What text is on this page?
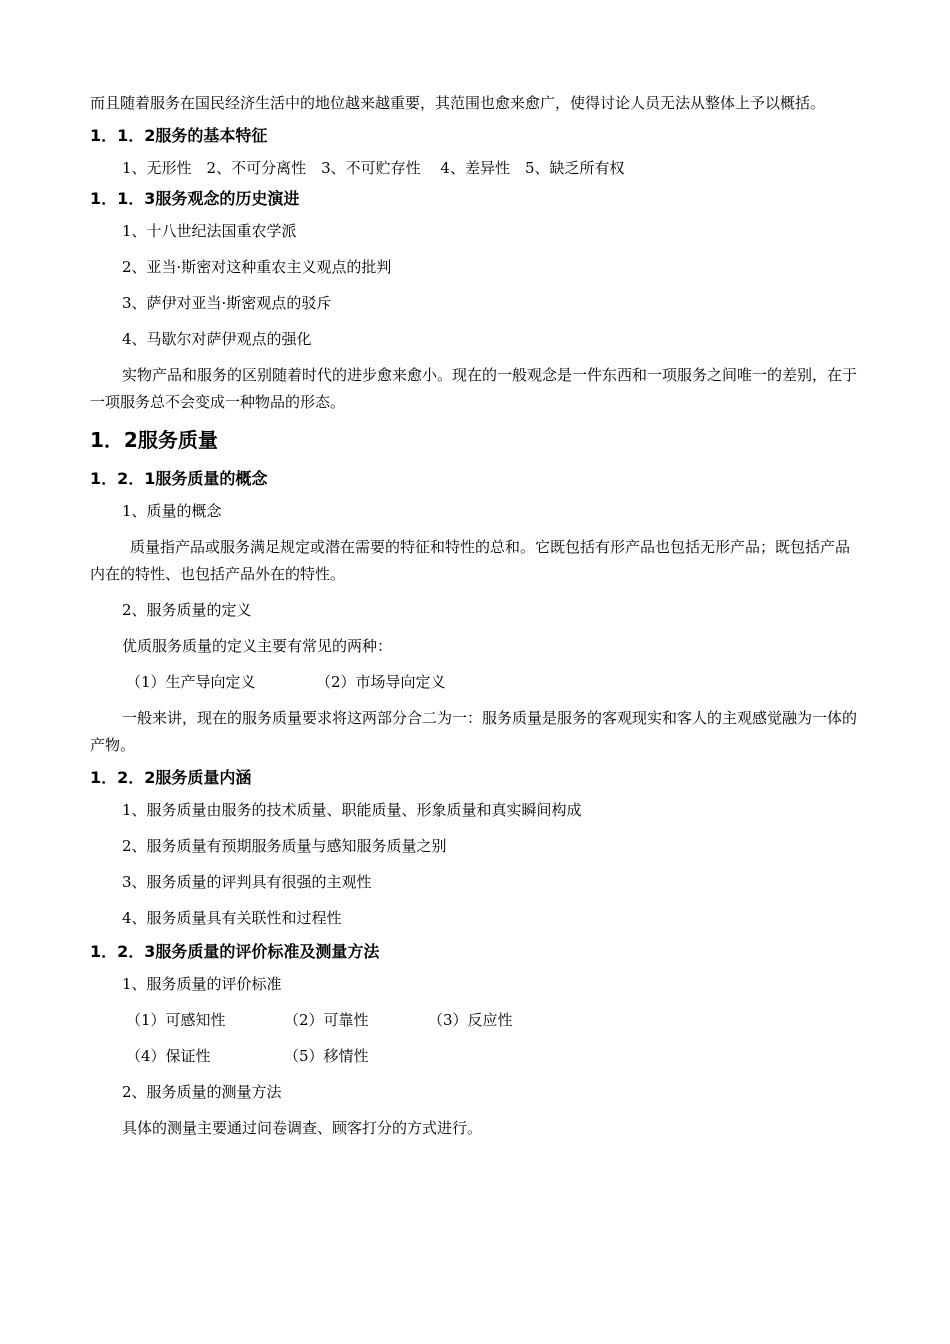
而且随着服务在国民经济生活中的地位越来越重要，其范围也愈来愈广，使得讨论人员无法从整体上予以概括。

1．1．2服务的基本特征

1、无形性　2、不可分离性　3、不可贮存性　 4、差异性　5、缺乏所有权

1．1．3服务观念的历史演进

1、十八世纪法国重农学派

2、亚当·斯密对这种重农主义观点的批判

3、萨伊对亚当·斯密观点的驳斥

4、马歇尔对萨伊观点的强化

实物产品和服务的区别随着时代的进步愈来愈小。现在的一般观念是一件东西和一项服务之间唯一的差别，在于一项服务总不会变成一种物品的形态。

1．2服务质量
1．2．1服务质量的概念

1、质量的概念

质量指产品或服务满足规定或潜在需要的特征和特性的总和。它既包括有形产品也包括无形产品；既包括产品内在的特性、也包括产品外在的特性。

2、服务质量的定义

优质服务质量的定义主要有常见的两种：

（1）生产导向定义	（2）市场导向定义

一般来讲，现在的服务质量要求将这两部分合二为一：服务质量是服务的客观现实和客人的主观感觉融为一体的产物。

1．2．2服务质量内涵

1、服务质量由服务的技术质量、职能质量、形象质量和真实瞬间构成

2、服务质量有预期服务质量与感知服务质量之别

3、服务质量的评判具有很强的主观性

4、服务质量具有关联性和过程性

1．2．3服务质量的评价标准及测量方法

1、服务质量的评价标准

（1）可感知性	（2）可靠性	（3）反应性
（4）保证性	（5）移情性

2、服务质量的测量方法

具体的测量主要通过问卷调查、顾客打分的方式进行。
